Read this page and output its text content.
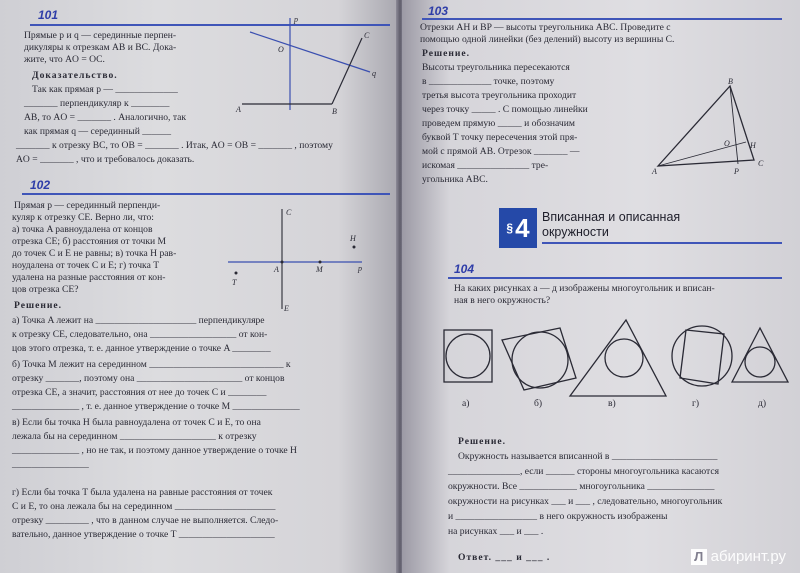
101
Прямые p и q — серединные перпен-
дикуляры к отрезкам AB и BC. Дока-
жите, что AO = OC.
Доказательство.
Так как прямая p — _____________
_______ перпендикуляр к ________
AB, то AO = _______ . Аналогично, так
как прямая q — серединный ______
_______ к отрезку BC, то OB = _______ . Итак, AO = OB = _______ , поэтому
AO = _______ , что и требовалось доказать.
p
q
O
A	B
C
102
Прямая p — серединный перпенди-
куляр к отрезку CE. Верно ли, что:
а) точка A равноудалена от концов
отрезка CE; б) расстояния от точки M
до точек C и E не равны; в) точка H рав-
ноудалена от точек C и E; г) точка T
удалена на разные расстояния от кон-
цов отрезка CE?
Решение.
а) Точка A лежит на _____________________ перпендикуляре
к отрезку CE, следовательно, она __________________ от кон-
цов этого отрезка, т. е. данное утверждение о точке A ________
б) Точка M лежит на серединном ____________________________ к
отрезку _______, поэтому она ______________________ от концов
отрезка CE, а значит, расстояния от нее до точек C и ________
______________ , т. е. данное утверждение о точке M ______________
в) Если бы точка H была равноудалена от точек C и E, то она
лежала бы на серединном ____________________ к отрезку
______________ , но не так, и поэтому данное утверждение о точке H
________________
г) Если бы точка T была удалена на равные расстояния от точек
C и E, то она лежала бы на серединном _____________________
отрезку _________ , что в данном случае не выполняется. Следо-
вательно, данное утверждение о точке T ____________________
C
E
A	M
H
T
p
103
Отрезки AH и BP — высоты треугольника ABC. Проведите с
помощью одной линейки (без делений) высоту из вершины C.
Решение.
Высоты треугольника пересекаются
в _____________ точке, поэтому
третья высота треугольника проходит
через точку _____ . С помощью линейки
проведем прямую _____ и обозначим
буквой T точку пересечения этой пря-
мой с прямой AB. Отрезок _______ —
искомая _______________ тре-
угольника ABC.
B
A
C
H
O
P
§ 4 Вписанная и описанная
окружности
104
На каких рисунках а — д изображены многоугольник и вписан-
ная в него окружность?
а)	б)	в)	г)	д)
Решение.
Окружность называется вписанной в ______________________
_______________, если ______ стороны многоугольника касаются
окружности. Все ____________ многоугольника ______________
окружности на рисунках ___ и ___ , следовательно, многоугольник
и _________________ в него окружность изображены
на рисунках ___ и ___ .
Ответ. ___ и ___ .	Л абиринт.ру
